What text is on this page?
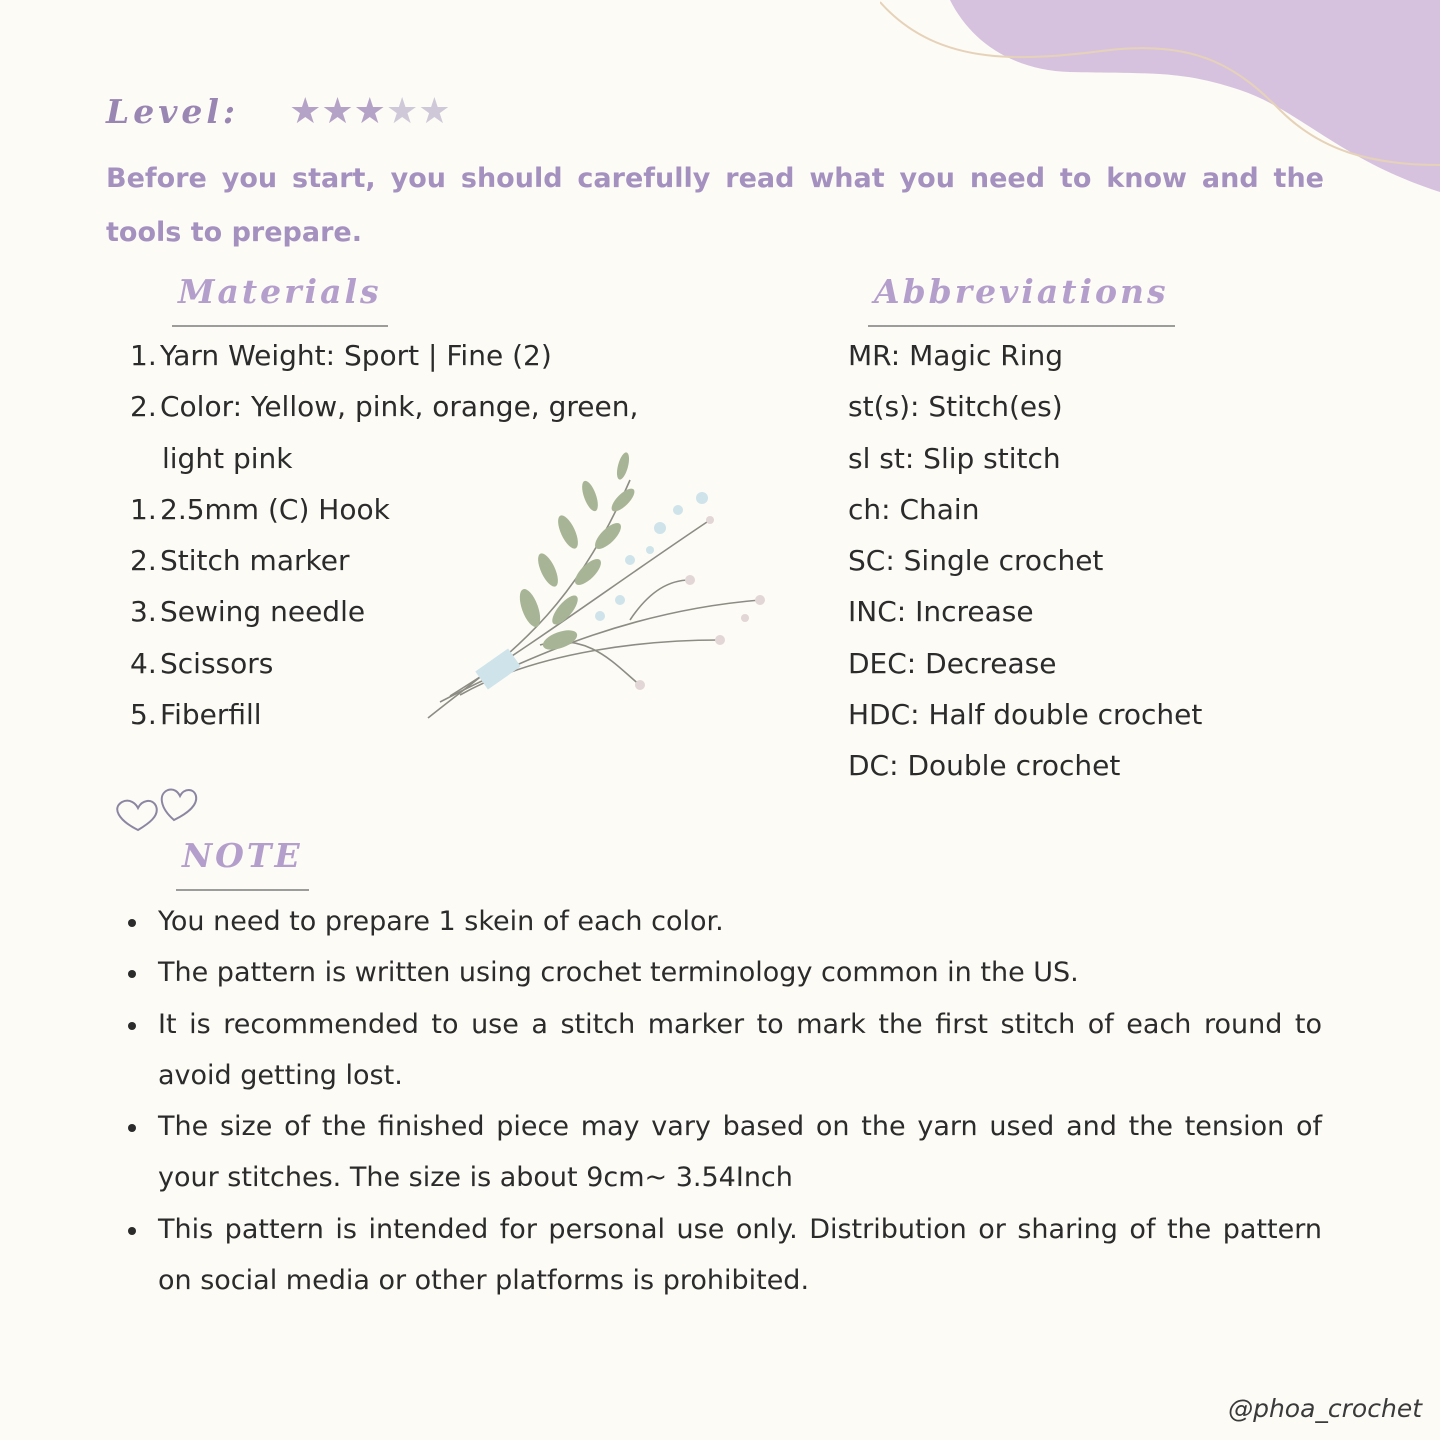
Level: ★★★★★
Before you start, you should carefully read what you need to know and the tools to prepare.
Materials	Abbreviations
1. Yarn Weight: Sport | Fine (2)
2. Color: Yellow, pink, orange, green,
light pink
1. 2.5mm (C) Hook
2. Stitch marker
3. Sewing needle
4. Scissors
5. Fiberfill
MR: Magic Ring
st(s): Stitch(es)
sl st: Slip stitch
ch: Chain
SC: Single crochet
INC: Increase
DEC: Decrease
HDC: Half double crochet
DC: Double crochet
NOTE
You need to prepare 1 skein of each color.
The pattern is written using crochet terminology common in the US.
It is recommended to use a stitch marker to mark the first stitch of each round to avoid getting lost.
The size of the finished piece may vary based on the yarn used and the tension of your stitches. The size is about 9cm~ 3.54Inch
This pattern is intended for personal use only. Distribution or sharing of the pattern on social media or other platforms is prohibited.
@phoa_crochet
